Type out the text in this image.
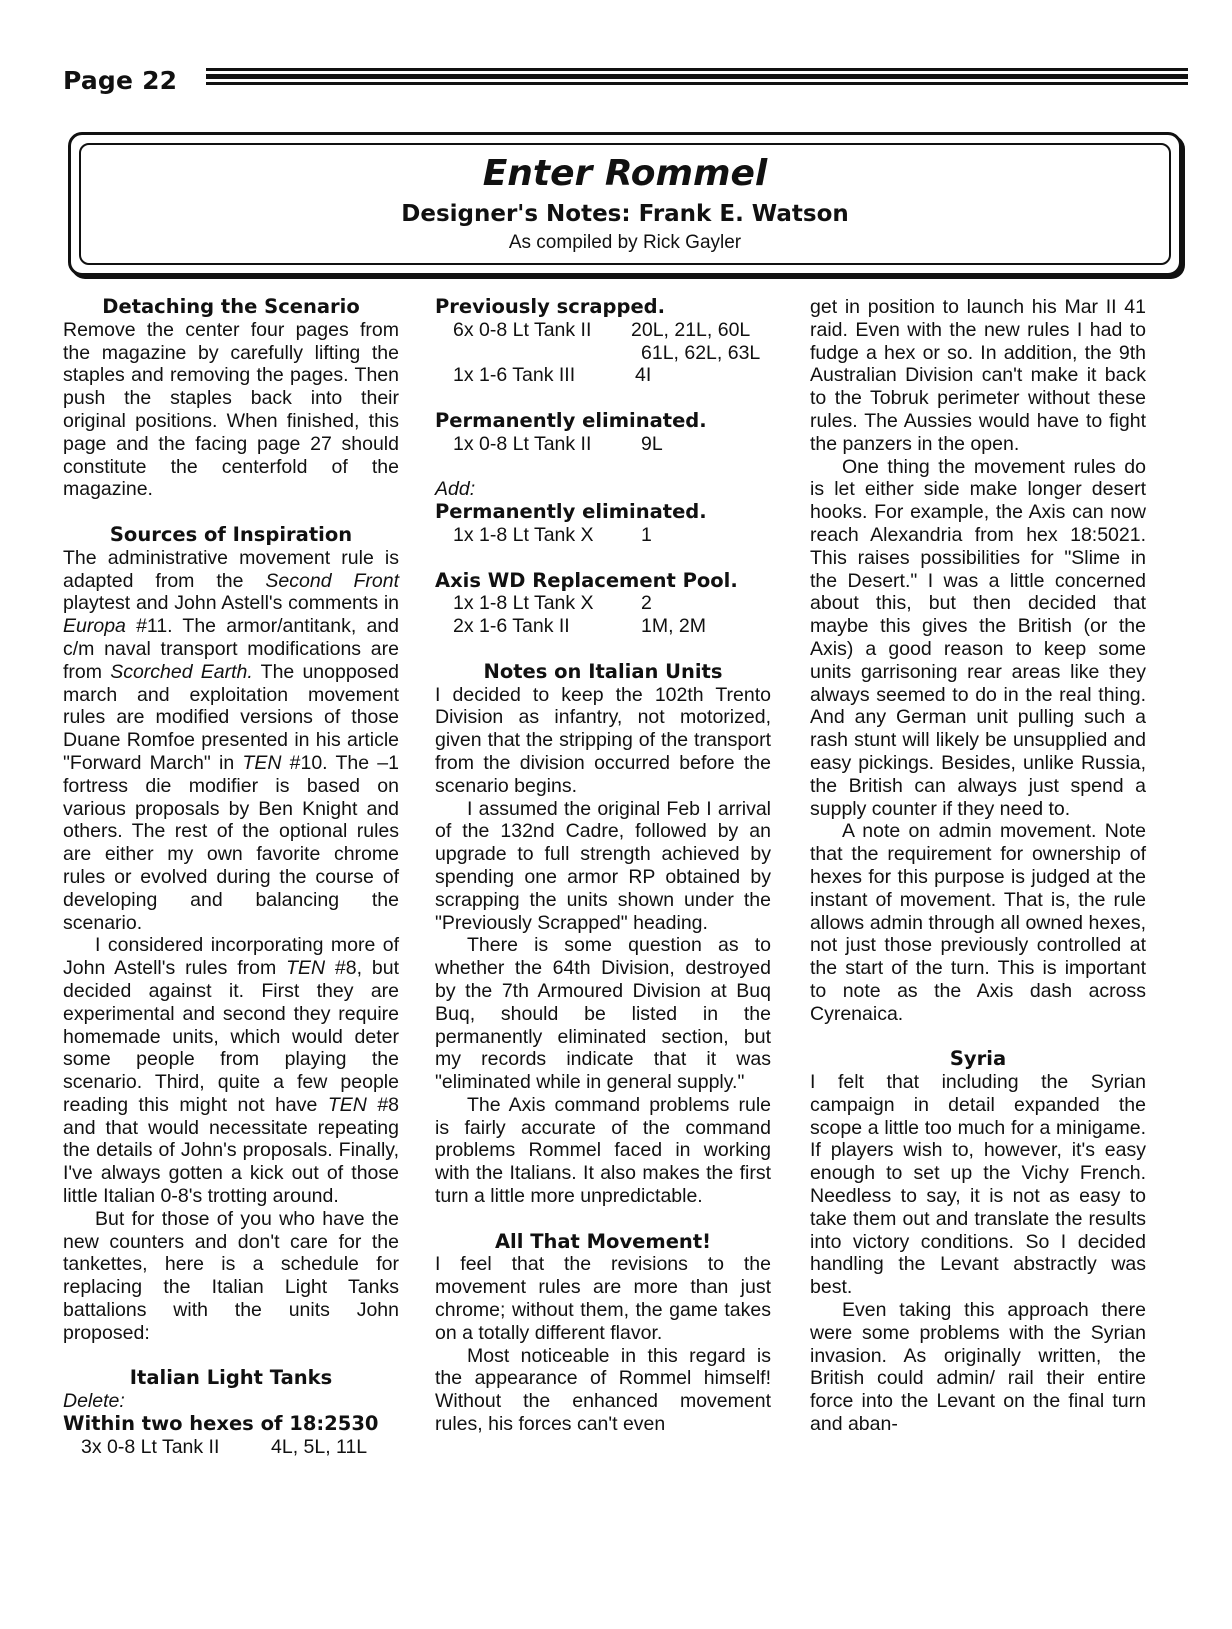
Page 22
Enter Rommel
Designer's Notes: Frank E. Watson
As compiled by Rick Gayler
Detaching the Scenario

Remove the center four pages from the magazine by carefully lifting the staples and removing the pages. Then push the staples back into their original positions. When finished, this page and the facing page 27 should constitute the centerfold of the magazine.

Sources of Inspiration

The administrative movement rule is adapted from the Second Front playtest and John Astell's comments in Europa #11. The armor/antitank, and c/m naval transport modifications are from Scorched Earth. The unopposed march and exploitation movement rules are modified versions of those Duane Romfoe presented in his article "Forward March" in TEN #10. The –1 fortress die modifier is based on various proposals by Ben Knight and others. The rest of the optional rules are either my own favorite chrome rules or evolved during the course of developing and balancing the scenario.

I considered incorporating more of John Astell's rules from TEN #8, but decided against it. First they are experimental and second they require homemade units, which would deter some people from playing the scenario. Third, quite a few people reading this might not have TEN #8 and that would necessitate repeating the details of John's proposals. Finally, I've always gotten a kick out of those little Italian 0-8's trotting around.

But for those of you who have the new counters and don't care for the tankettes, here is a schedule for replacing the Italian Light Tanks battalions with the units John proposed:

Italian Light Tanks
Delete:
Within two hexes of 18:2530
3x 0-8 Lt Tank II	4L, 5L, 11L
Previously scrapped.
6x 0-8 Lt Tank II	20L, 21L, 60L
61L, 62L, 63L
1x 1-6 Tank III	4I
Permanently eliminated.
1x 0-8 Lt Tank II	9L
Add:
Permanently eliminated.
1x 1-8 Lt Tank X	1
Axis WD Replacement Pool.
1x 1-8 Lt Tank X	2
2x 1-6 Tank II	1M, 2M
Notes on Italian Units

I decided to keep the 102th Trento Division as infantry, not motorized, given that the stripping of the transport from the division occurred before the scenario begins.

I assumed the original Feb I arrival of the 132nd Cadre, followed by an upgrade to full strength achieved by spending one armor RP obtained by scrapping the units shown under the "Previously Scrapped" heading.

There is some question as to whether the 64th Division, destroyed by the 7th Armoured Division at Buq Buq, should be listed in the permanently eliminated section, but my records indicate that it was "eliminated while in general supply."

The Axis command problems rule is fairly accurate of the command problems Rommel faced in working with the Italians. It also makes the first turn a little more unpredictable.

All That Movement!

I feel that the revisions to the movement rules are more than just chrome; without them, the game takes on a totally different flavor.

Most noticeable in this regard is the appearance of Rommel himself! Without the enhanced movement rules, his forces can't even

get in position to launch his Mar II 41 raid. Even with the new rules I had to fudge a hex or so. In addition, the 9th Australian Division can't make it back to the Tobruk perimeter without these rules. The Aussies would have to fight the panzers in the open.

One thing the movement rules do is let either side make longer desert hooks. For example, the Axis can now reach Alexandria from hex 18:5021. This raises possibilities for "Slime in the Desert." I was a little concerned about this, but then decided that maybe this gives the British (or the Axis) a good reason to keep some units garrisoning rear areas like they always seemed to do in the real thing. And any German unit pulling such a rash stunt will likely be unsupplied and easy pickings. Besides, unlike Russia, the British can always just spend a supply counter if they need to.

A note on admin movement. Note that the requirement for ownership of hexes for this purpose is judged at the instant of movement. That is, the rule allows admin through all owned hexes, not just those previously controlled at the start of the turn. This is important to note as the Axis dash across Cyrenaica.

Syria

I felt that including the Syrian campaign in detail expanded the scope a little too much for a minigame. If players wish to, however, it's easy enough to set up the Vichy French. Needless to say, it is not as easy to take them out and translate the results into victory conditions. So I decided handling the Levant abstractly was best.

Even taking this approach there were some problems with the Syrian invasion. As originally written, the British could admin/ rail their entire force into the Levant on the final turn and aban-
